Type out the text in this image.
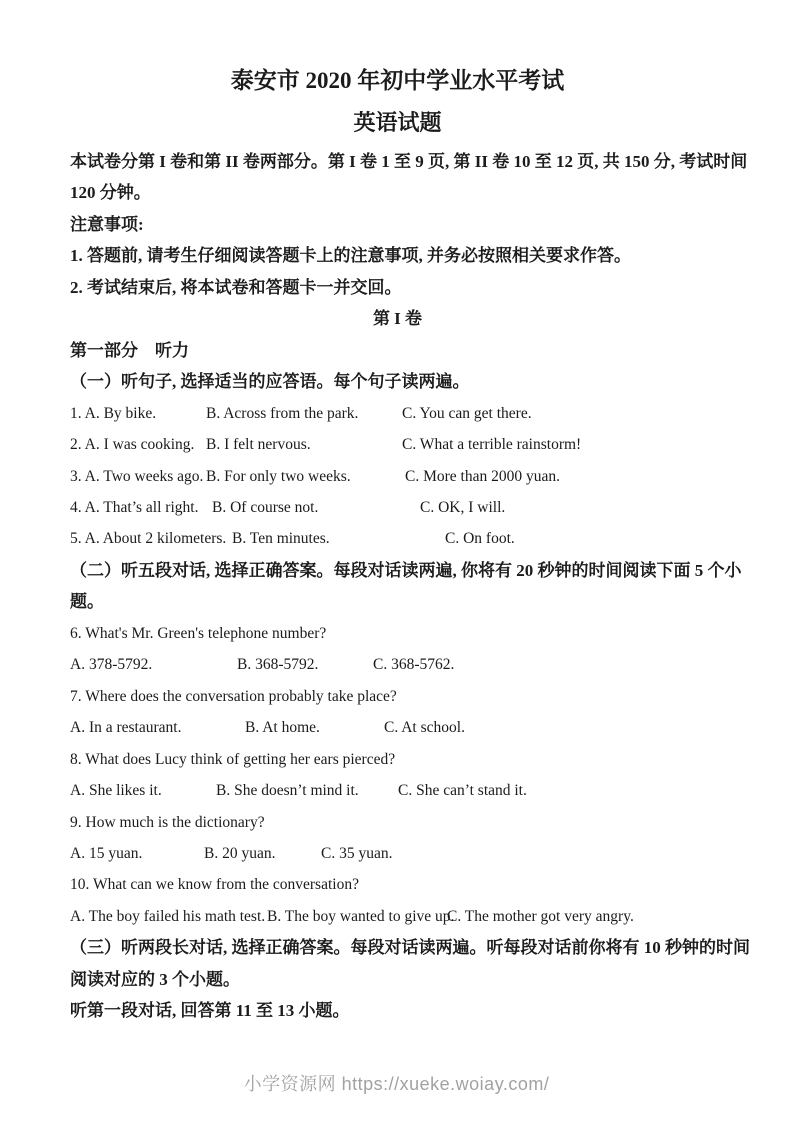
泰安市 2020 年初中学业水平考试
英语试题
本试卷分第 I 卷和第 II 卷两部分。第 I 卷 1 至 9 页, 第 II 卷 10 至 12 页, 共 150 分, 考试时间
120 分钟。
注意事项:
1. 答题前, 请考生仔细阅读答题卡上的注意事项, 并务必按照相关要求作答。
2. 考试结束后, 将本试卷和答题卡一并交回。
第 I 卷
第一部分　听力
（一）听句子, 选择适当的应答语。每个句子读两遍。
1. A. By bike.	B. Across from the park.	C. You can get there.
2. A. I was cooking. B. I felt nervous.	C. What a terrible rainstorm!
3. A. Two weeks ago. B. For only two weeks.	C. More than 2000 yuan.
4. A. That’s all right. B. Of course not.	C. OK, I will.
5. A. About 2 kilometers. B. Ten minutes.	C. On foot.
（二）听五段对话, 选择正确答案。每段对话读两遍, 你将有 20 秒钟的时间阅读下面 5 个小
题。
6. What's Mr. Green's telephone number?
A. 378-5792.	B. 368-5792.	C. 368-5762.
7. Where does the conversation probably take place?
A. In a restaurant.	B. At home.	C. At school.
8. What does Lucy think of getting her ears pierced?
A. She likes it.	B. She doesn’t mind it.	C. She can’t stand it.
9. How much is the dictionary?
A. 15 yuan.	B. 20 yuan.	C. 35 yuan.
10. What can we know from the conversation?
A. The boy failed his math test. B. The boy wanted to give up.
C. The mother got very angry.
（三）听两段长对话, 选择正确答案。每段对话读两遍。听每段对话前你将有 10 秒钟的时间
阅读对应的 3 个小题。
听第一段对话, 回答第 11 至 13 小题。
小学资源网 https://xueke.woiay.com/
